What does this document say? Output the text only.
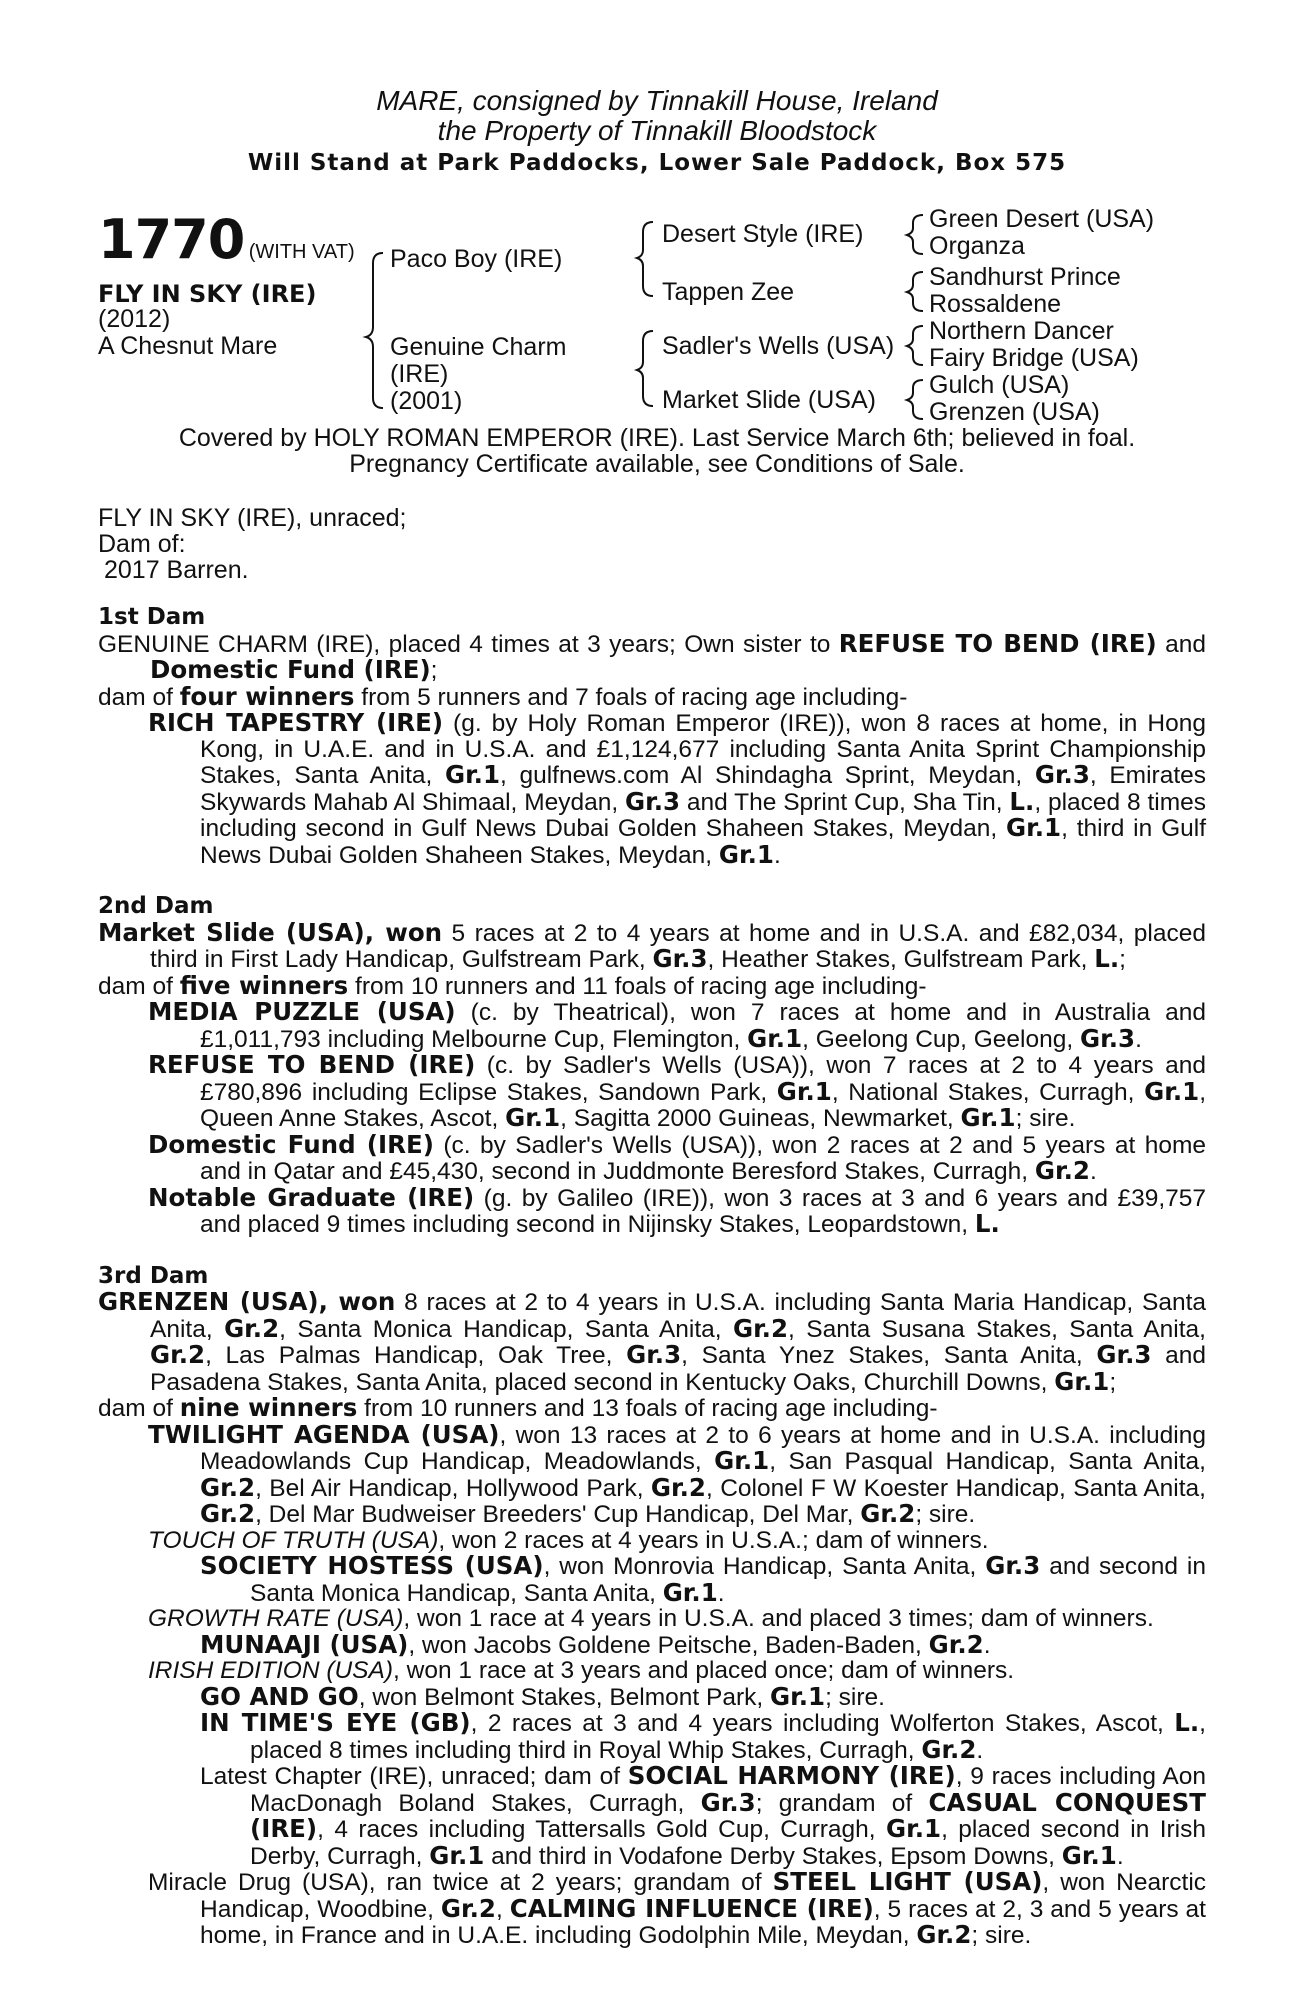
MARE, consigned by Tinnakill House, Ireland
the Property of Tinnakill Bloodstock
Will Stand at Park Paddocks, Lower Sale Paddock, Box 575
1770 (WITH VAT)
FLY IN SKY (IRE)
(2012)
A Chesnut Mare
Paco Boy (IRE)
Genuine Charm
(IRE)
(2001)
Desert Style (IRE)
Tappen Zee
Sadler's Wells (USA)
Market Slide (USA)
Green Desert (USA)
Organza
Sandhurst Prince
Rossaldene
Northern Dancer
Fairy Bridge (USA)
Gulch (USA)
Grenzen (USA)
Covered by HOLY ROMAN EMPEROR (IRE). Last Service March 6th; believed in foal.
Pregnancy Certificate available, see Conditions of Sale.
FLY IN SKY (IRE), unraced;
Dam of:
2017 Barren.

1st Dam

GENUINE CHARM (IRE), placed 4 times at 3 years; Own sister to REFUSE TO BEND (IRE) and Domestic Fund (IRE);

dam of four winners from 5 runners and 7 foals of racing age including-

RICH TAPESTRY (IRE) (g. by Holy Roman Emperor (IRE)), won 8 races at home, in Hong Kong, in U.A.E. and in U.S.A. and £1,124,677 including Santa Anita Sprint Championship Stakes, Santa Anita, Gr.1, gulfnews.com Al Shindagha Sprint, Meydan, Gr.3, Emirates Skywards Mahab Al Shimaal, Meydan, Gr.3 and The Sprint Cup, Sha Tin, L., placed 8 times including second in Gulf News Dubai Golden Shaheen Stakes, Meydan, Gr.1, third in Gulf News Dubai Golden Shaheen Stakes, Meydan, Gr.1.

2nd Dam

Market Slide (USA), won 5 races at 2 to 4 years at home and in U.S.A. and £82,034, placed third in First Lady Handicap, Gulfstream Park, Gr.3, Heather Stakes, Gulfstream Park, L.;

dam of five winners from 10 runners and 11 foals of racing age including-

MEDIA PUZZLE (USA) (c. by Theatrical), won 7 races at home and in Australia and £1,011,793 including Melbourne Cup, Flemington, Gr.1, Geelong Cup, Geelong, Gr.3.

REFUSE TO BEND (IRE) (c. by Sadler's Wells (USA)), won 7 races at 2 to 4 years and £780,896 including Eclipse Stakes, Sandown Park, Gr.1, National Stakes, Curragh, Gr.1, Queen Anne Stakes, Ascot, Gr.1, Sagitta 2000 Guineas, Newmarket, Gr.1; sire.

Domestic Fund (IRE) (c. by Sadler's Wells (USA)), won 2 races at 2 and 5 years at home and in Qatar and £45,430, second in Juddmonte Beresford Stakes, Curragh, Gr.2.

Notable Graduate (IRE) (g. by Galileo (IRE)), won 3 races at 3 and 6 years and £39,757 and placed 9 times including second in Nijinsky Stakes, Leopardstown, L.

3rd Dam

GRENZEN (USA), won 8 races at 2 to 4 years in U.S.A. including Santa Maria Handicap, Santa Anita, Gr.2, Santa Monica Handicap, Santa Anita, Gr.2, Santa Susana Stakes, Santa Anita, Gr.2, Las Palmas Handicap, Oak Tree, Gr.3, Santa Ynez Stakes, Santa Anita, Gr.3 and Pasadena Stakes, Santa Anita, placed second in Kentucky Oaks, Churchill Downs, Gr.1;

dam of nine winners from 10 runners and 13 foals of racing age including-

TWILIGHT AGENDA (USA), won 13 races at 2 to 6 years at home and in U.S.A. including Meadowlands Cup Handicap, Meadowlands, Gr.1, San Pasqual Handicap, Santa Anita, Gr.2, Bel Air Handicap, Hollywood Park, Gr.2, Colonel F W Koester Handicap, Santa Anita, Gr.2, Del Mar Budweiser Breeders' Cup Handicap, Del Mar, Gr.2; sire.

TOUCH OF TRUTH (USA), won 2 races at 4 years in U.S.A.; dam of winners.

SOCIETY HOSTESS (USA), won Monrovia Handicap, Santa Anita, Gr.3 and second in Santa Monica Handicap, Santa Anita, Gr.1.

GROWTH RATE (USA), won 1 race at 4 years in U.S.A. and placed 3 times; dam of winners.

MUNAAJI (USA), won Jacobs Goldene Peitsche, Baden-Baden, Gr.2.

IRISH EDITION (USA), won 1 race at 3 years and placed once; dam of winners.

GO AND GO, won Belmont Stakes, Belmont Park, Gr.1; sire.

IN TIME'S EYE (GB), 2 races at 3 and 4 years including Wolferton Stakes, Ascot, L., placed 8 times including third in Royal Whip Stakes, Curragh, Gr.2.

Latest Chapter (IRE), unraced; dam of SOCIAL HARMONY (IRE), 9 races including Aon MacDonagh Boland Stakes, Curragh, Gr.3; grandam of CASUAL CONQUEST (IRE), 4 races including Tattersalls Gold Cup, Curragh, Gr.1, placed second in Irish Derby, Curragh, Gr.1 and third in Vodafone Derby Stakes, Epsom Downs, Gr.1.

Miracle Drug (USA), ran twice at 2 years; grandam of STEEL LIGHT (USA), won Nearctic Handicap, Woodbine, Gr.2, CALMING INFLUENCE (IRE), 5 races at 2, 3 and 5 years at home, in France and in U.A.E. including Godolphin Mile, Meydan, Gr.2; sire.
